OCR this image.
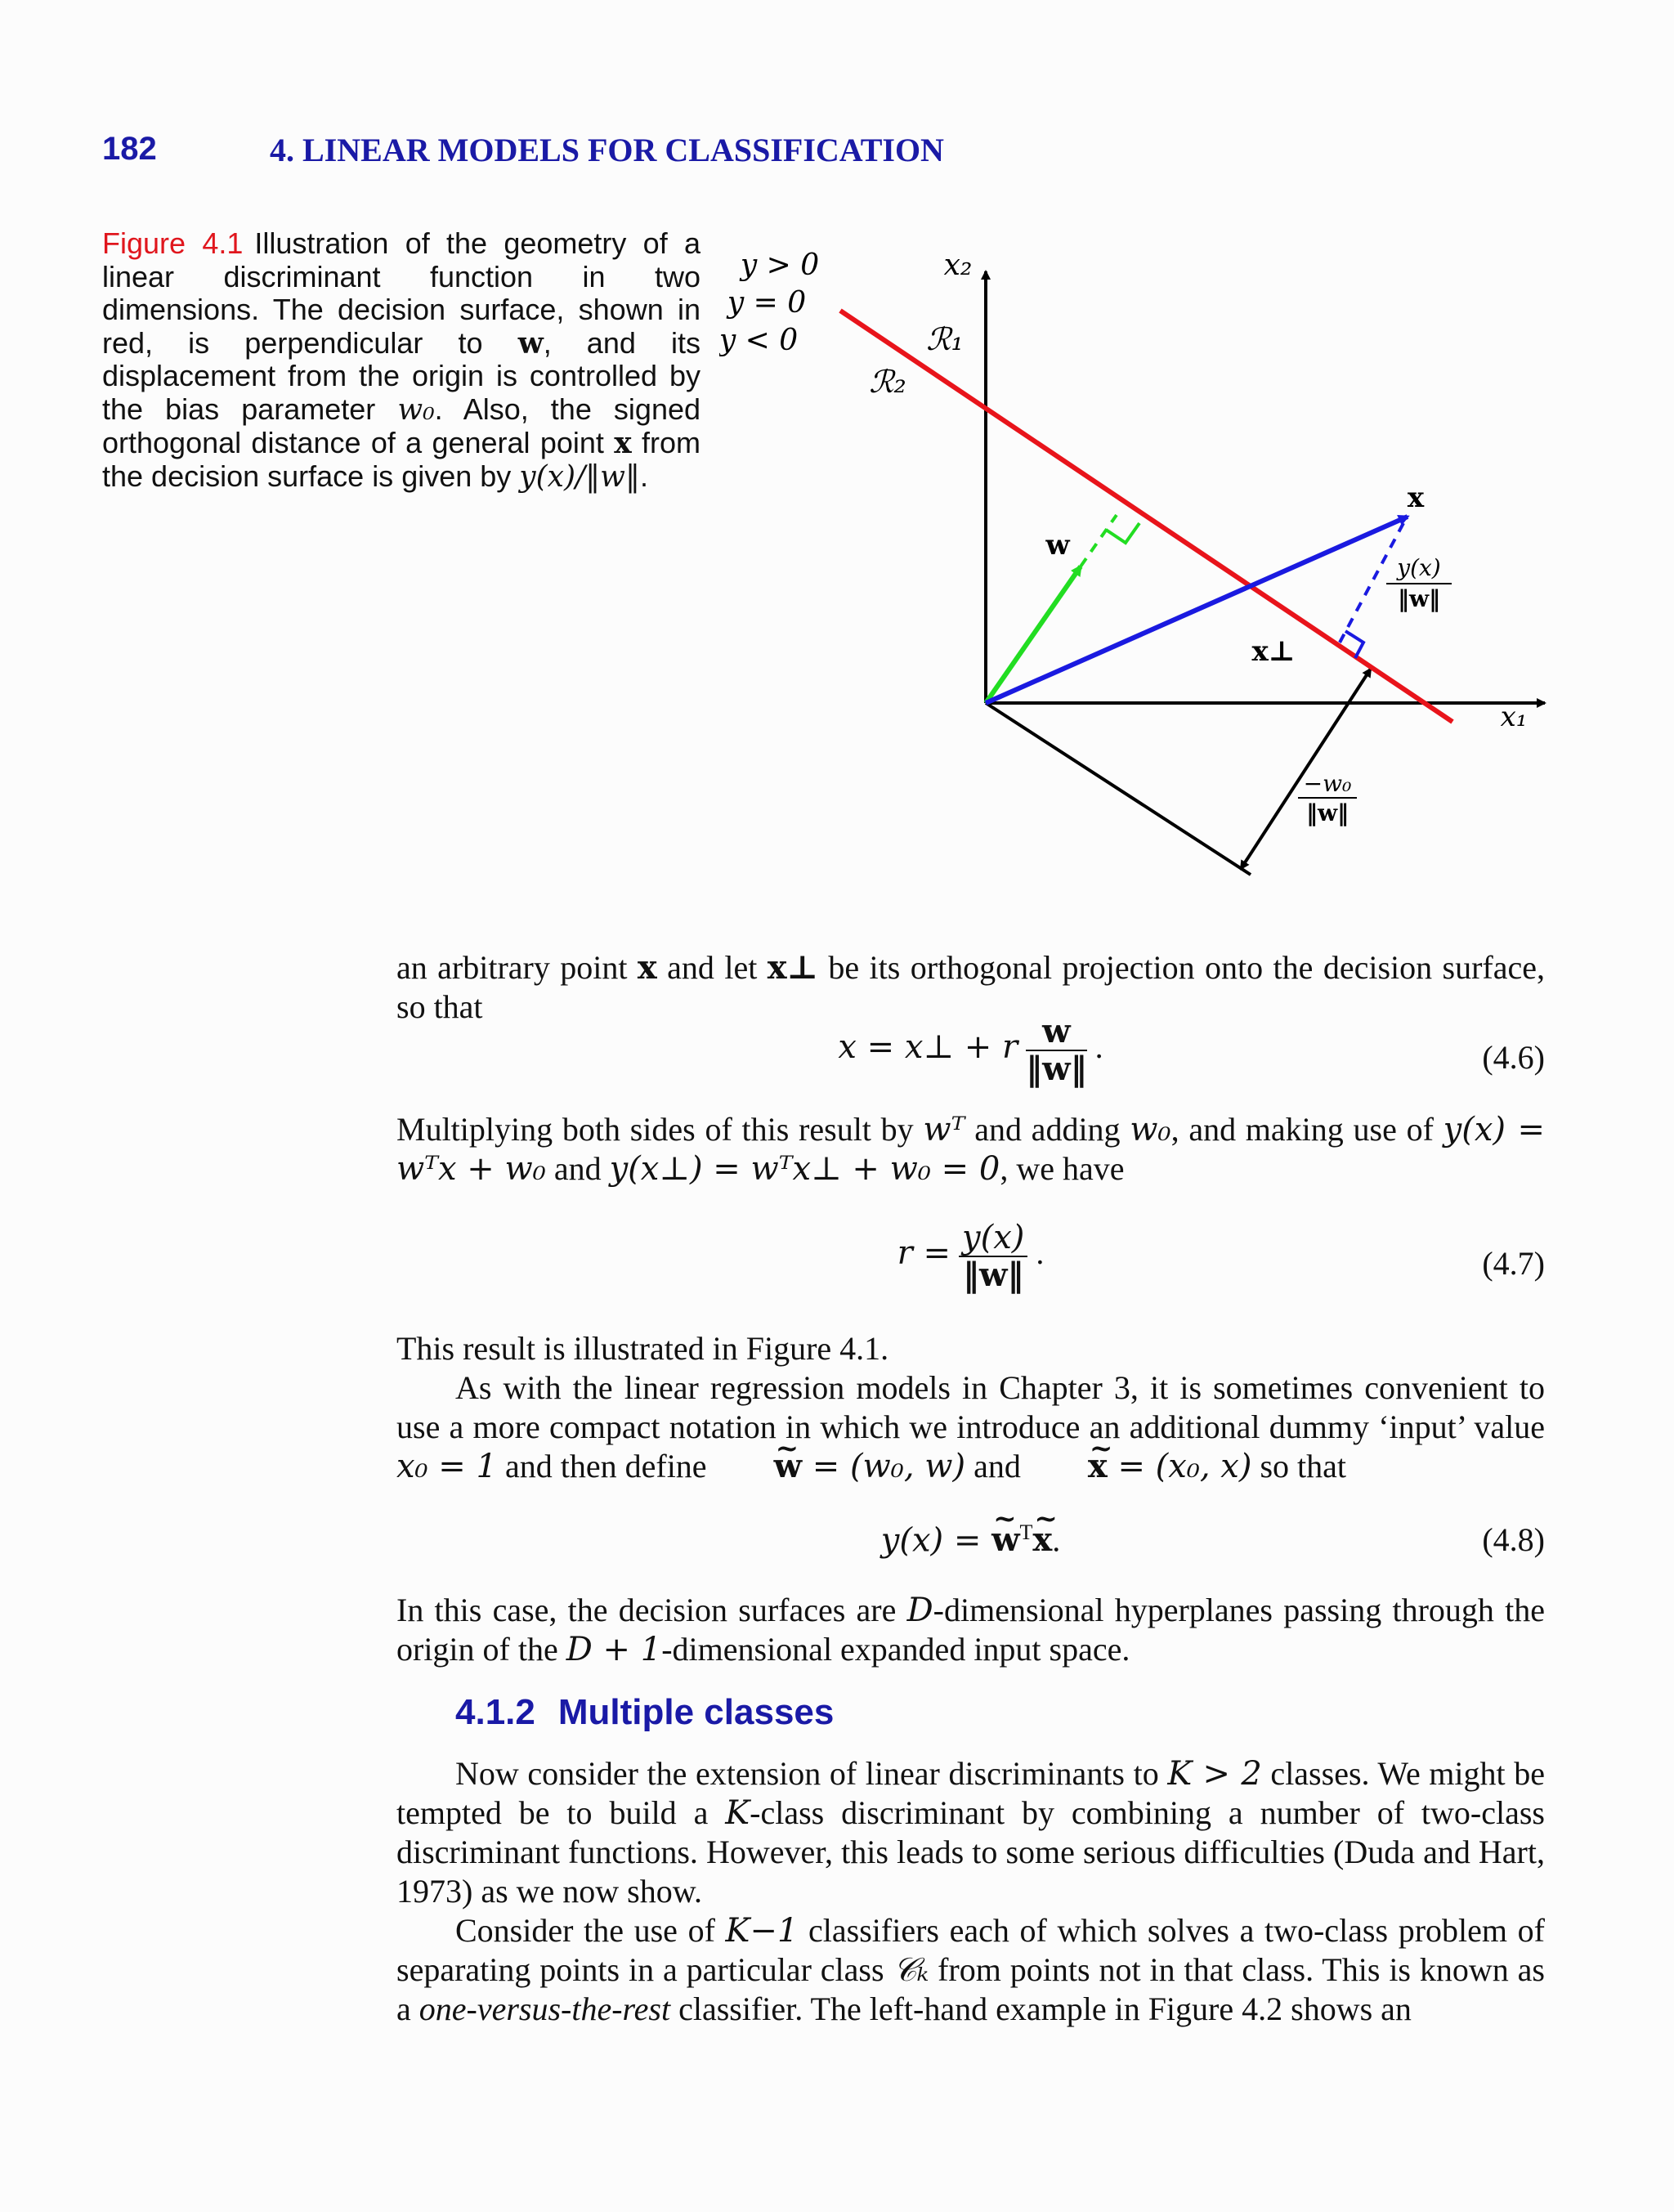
182	4. LINEAR MODELS FOR CLASSIFICATION
Figure 4.1 Illustration of the geometry of a linear discriminant function in two dimensions. The decision surface, shown in red, is perpendicular to w, and its displacement from the origin is controlled by the bias parameter w₀. Also, the signed orthogonal distance of a general point x from the decision surface is given by y(x)/‖w‖.
y > 0
y = 0
y < 0
x₂
ℛ₁
ℛ₂
w
x
x⊥
x₁
y(x)
‖w‖
−w₀
‖w‖
an arbitrary point x and let x⊥ be its orthogonal projection onto the decision surface, so that
x = x⊥ + r $\frac{w}{‖w‖}$ .	(4.6)
Multiplying both sides of this result by wᵀ and adding w₀, and making use of y(x) = wᵀx + w₀ and y(x⊥) = wᵀx⊥ + w₀ = 0, we have
$r = \frac{y(x)}{‖w‖}$ .	(4.7)
This result is illustrated in Figure 4.1.
As with the linear regression models in Chapter 3, it is sometimes convenient to use a more compact notation in which we introduce an additional dummy ‘input’ value x₀ = 1 and then define ~ w = (w₀, w) and ~ x = (x₀, x) so that
y(x) = ~ $w^T\sim$ x.	(4.8)
In this case, the decision surfaces are D-dimensional hyperplanes passing through the origin of the D + 1-dimensional expanded input space.
4.1.2 Multiple classes
Now consider the extension of linear discriminants to K > 2 classes. We might be tempted be to build a K-class discriminant by combining a number of two-class discriminant functions. However, this leads to some serious difficulties (Duda and Hart, 1973) as we now show.
Consider the use of K−1 classifiers each of which solves a two-class problem of separating points in a particular class 𝒞ₖ from points not in that class. This is known as a one-versus-the-rest classifier. The left-hand example in Figure 4.2 shows an
